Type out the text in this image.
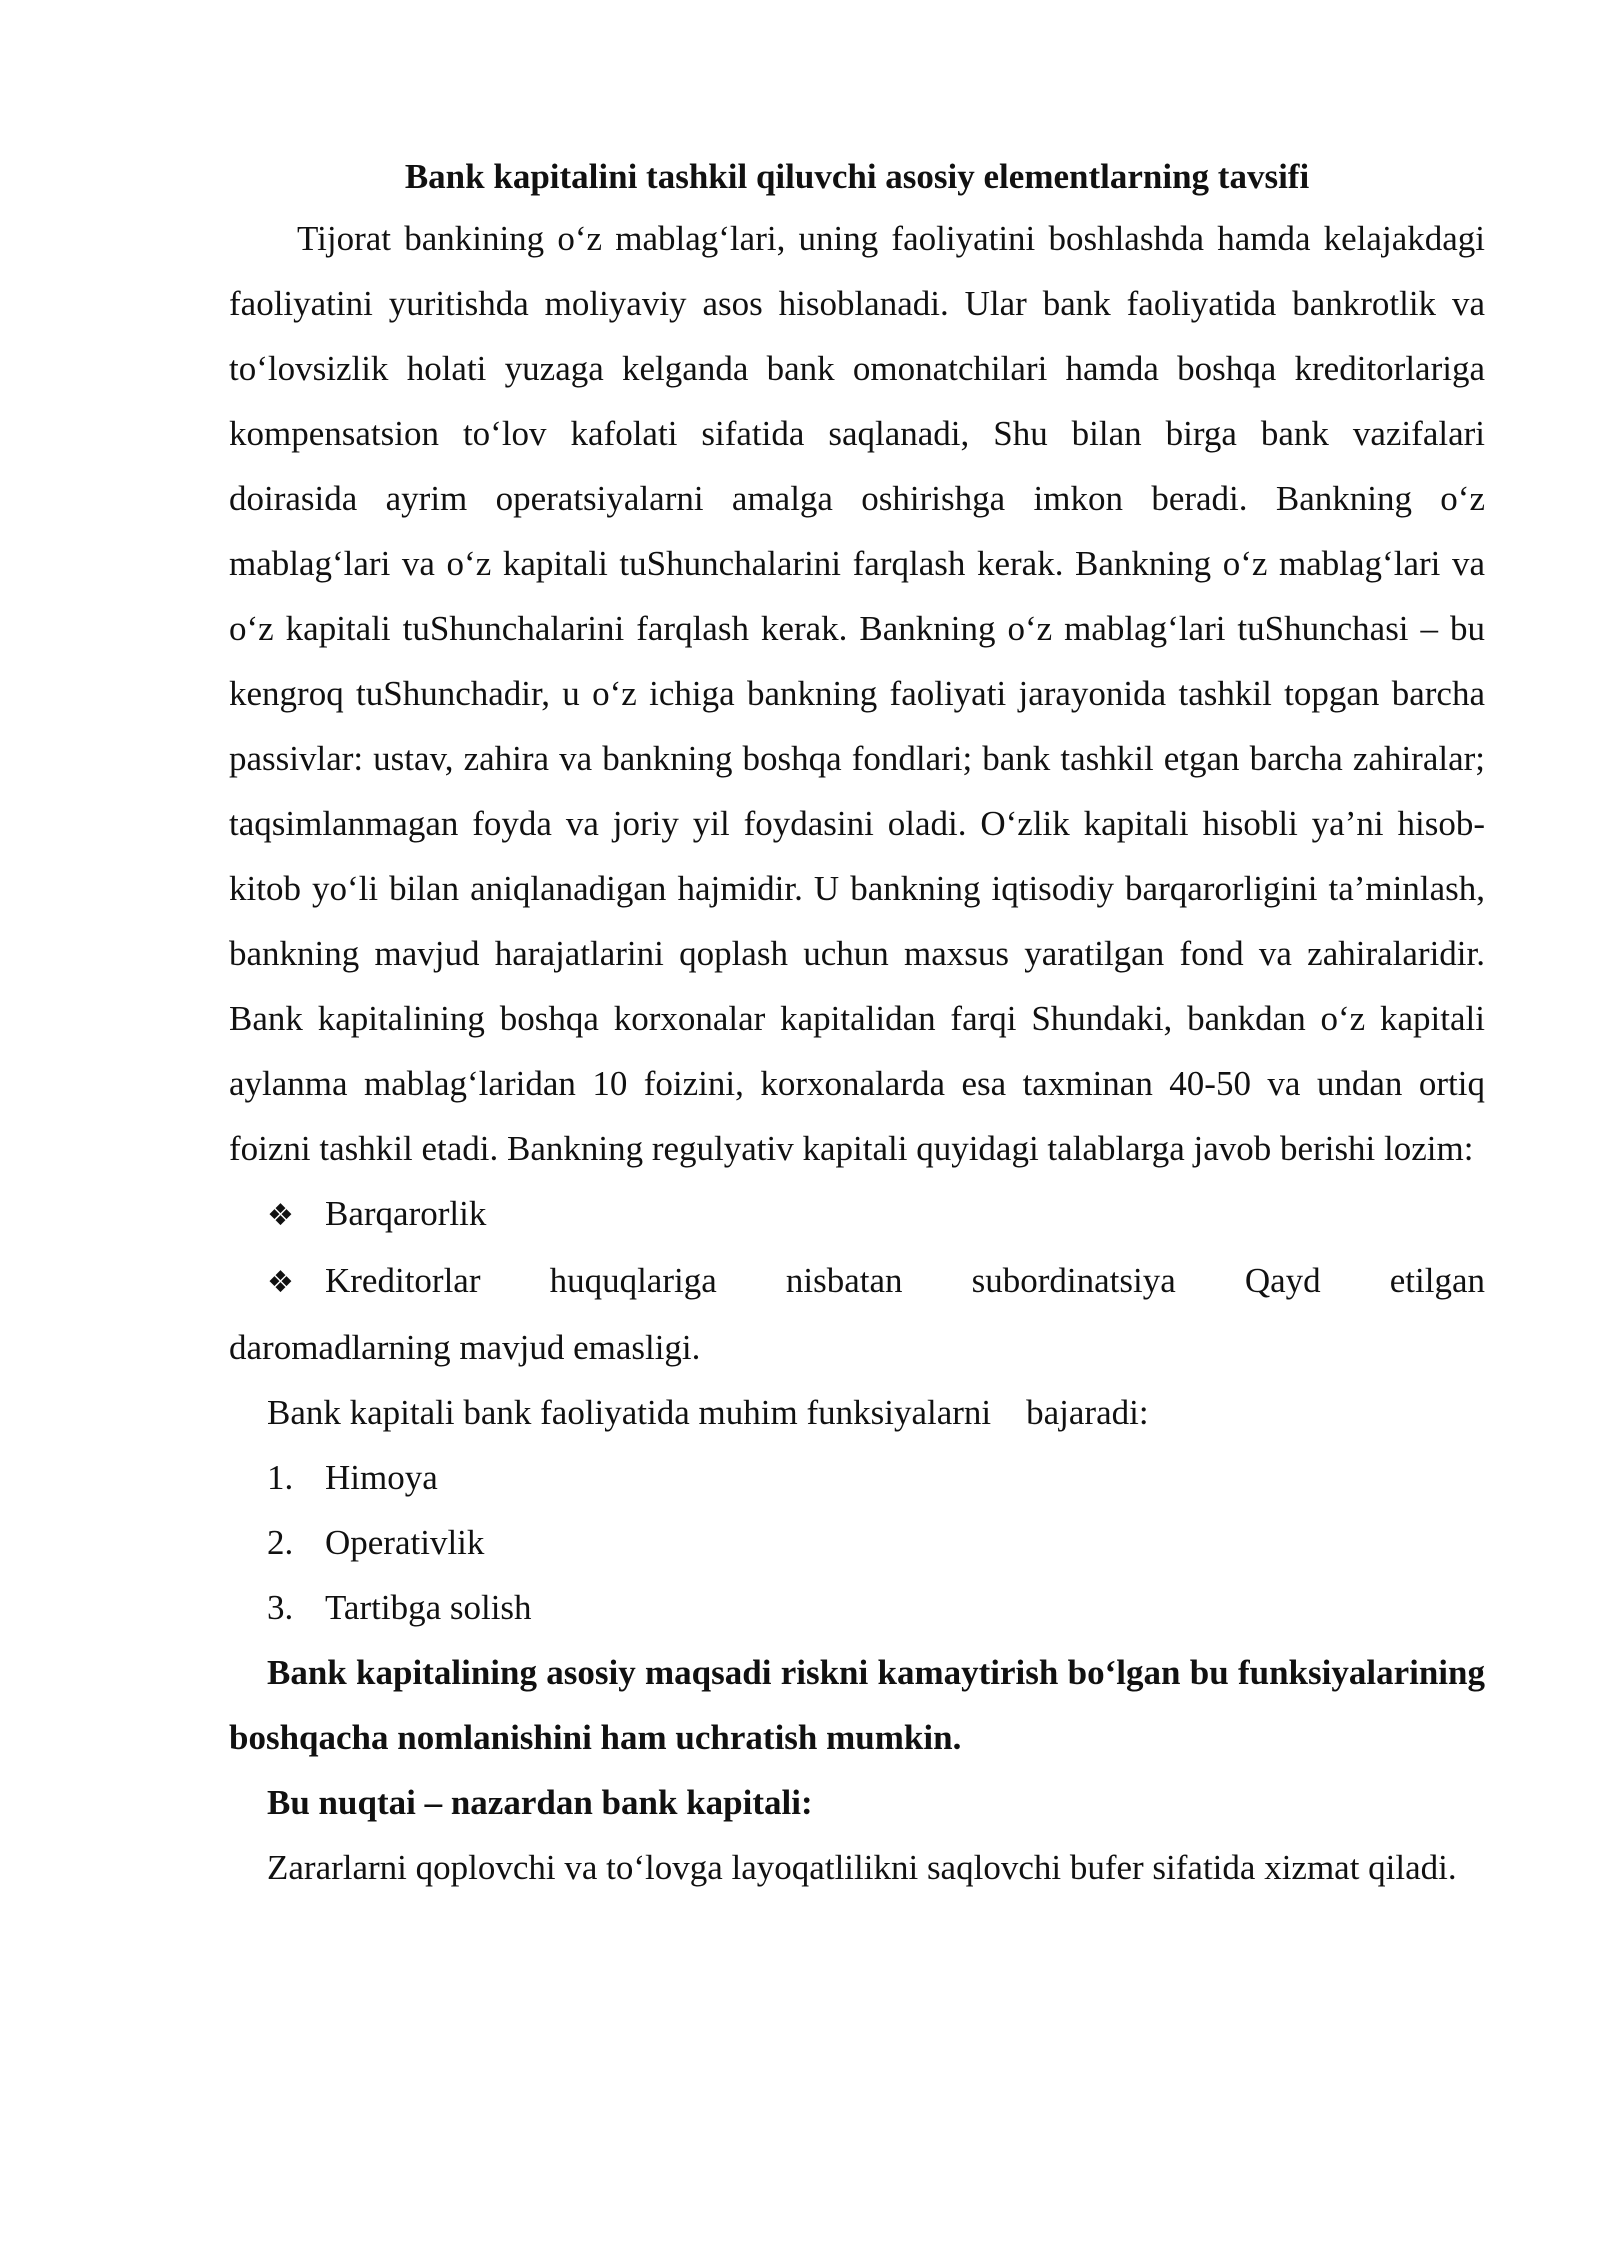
Bank kapitalini tashkil qiluvchi asosiy elementlarning tavsifi

Tijorat bankining o‘z mablag‘lari, uning faoliyatini boshlashda hamda kelajakdagi faoliyatini yuritishda moliyaviy asos hisoblanadi. Ular bank faoliyatida bankrotlik va to‘lovsizlik holati yuzaga kelganda bank omonatchilari hamda boshqa kreditorlariga kompensatsion to‘lov kafolati sifatida saqlanadi, Shu bilan birga bank vazifalari doirasida ayrim operatsiyalarni amalga oshirishga imkon beradi. Bankning o‘z mablag‘lari va o‘z kapitali tuShunchalarini farqlash kerak. Bankning o‘z mablag‘lari va o‘z kapitali tuShunchalarini farqlash kerak. Bankning o‘z mablag‘lari tuShunchasi – bu kengroq tuShunchadir, u o‘z ichiga bankning faoliyati jarayonida tashkil topgan barcha passivlar: ustav, zahira va bankning boshqa fondlari; bank tashkil etgan barcha zahiralar; taqsimlanmagan foyda va joriy yil foydasini oladi. O‘zlik kapitali hisobli ya’ni hisob-kitob yo‘li bilan aniqlanadigan hajmidir. U bankning iqtisodiy barqarorligini ta’minlash, bankning mavjud harajatlarini qoplash uchun maxsus yaratilgan fond va zahiralaridir. Bank kapitalining boshqa korxonalar kapitalidan farqi Shundaki, bankdan o‘z kapitali aylanma mablag‘laridan 10 foizini, korxonalarda esa taxminan 40-50 va undan ortiq foizni tashkil etadi. Bankning regulyativ kapitali quyidagi talablarga javob berishi lozim:

❖ Barqarorlik
❖ Kreditorlar huquqlariga nisbatan subordinatsiya Qayd etilgan

daromadlarning mavjud emasligi.

Bank kapitali bank faoliyatida muhim funksiyalarni    bajaradi:

1. Himoya
2. Operativlik
3. Tartibga solish

Bank kapitalining asosiy maqsadi riskni kamaytirish bo‘lgan bu funksiyalarining boshqacha nomlanishini ham uchratish mumkin.

Bu nuqtai – nazardan bank kapitali:

Zararlarni qoplovchi va to‘lovga layoqatlilikni saqlovchi bufer sifatida xizmat qiladi.
